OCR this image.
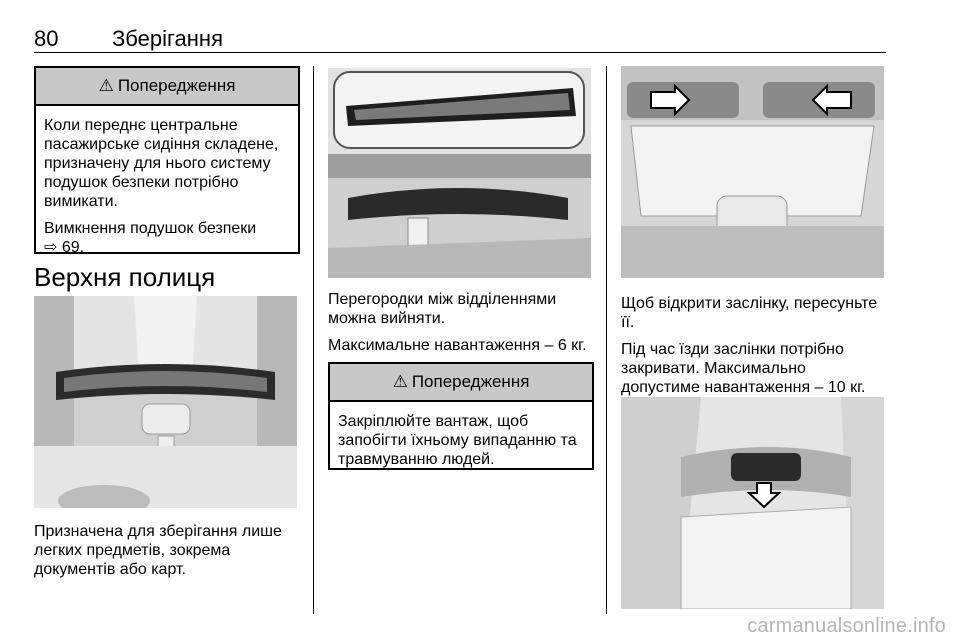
80 Зберігання
⚠ Попередження

Коли переднє центральне пасажирське сидіння складене, призначену для нього систему подушок безпеки потрібно вимикати.

Вимкнення подушок безпеки
⇨ 69.

Верхня полиця

Призначена для зберігання лише легких предметів, зокрема документів або карт.

Перегородки між відділеннями можна вийняти.

Максимальне навантаження – 6 кг.

⚠ Попередження

Закріплюйте вантаж, щоб запобігти їхньому випаданню та травмуванню людей.

Щоб відкрити заслінку, пересуньте її.

Під час їзди заслінки потрібно закривати. Максимально допустиме навантаження – 10 кг.

carmanualsonline.info
